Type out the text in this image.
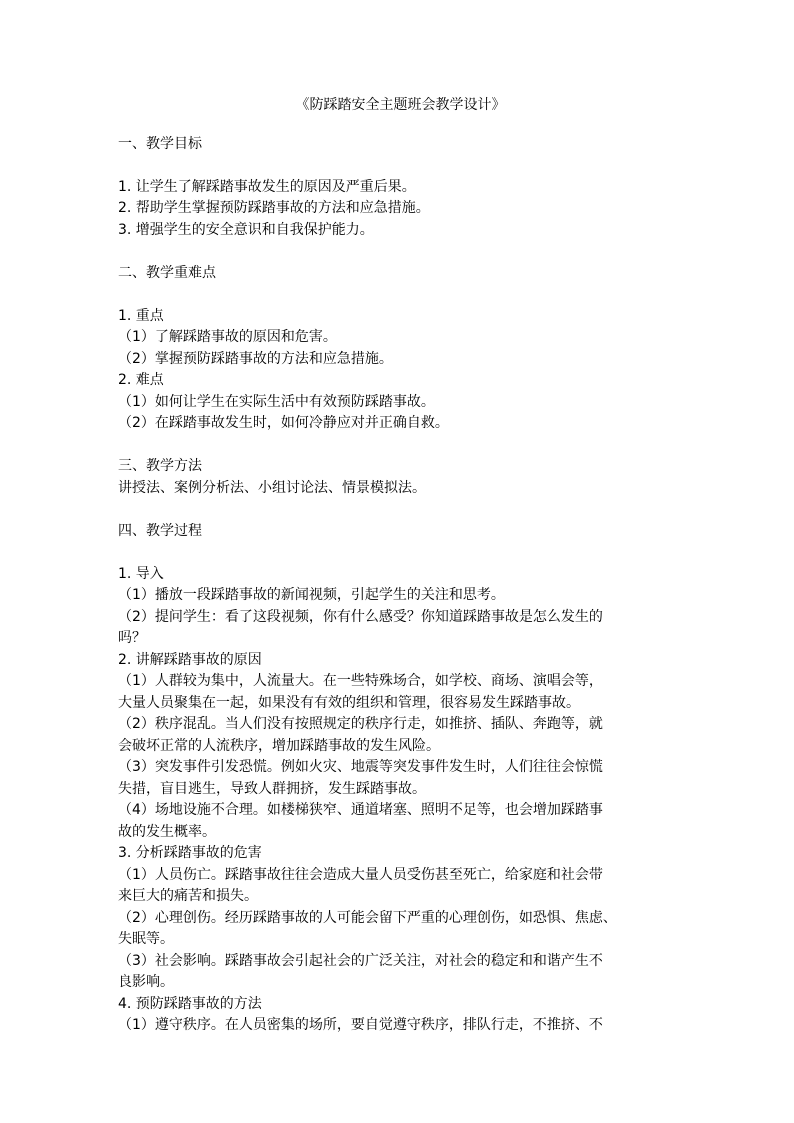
《防踩踏安全主题班会教学设计》

一、教学目标

1. 让学生了解踩踏事故发生的原因及严重后果。

2. 帮助学生掌握预防踩踏事故的方法和应急措施。

3. 增强学生的安全意识和自我保护能力。

二、教学重难点

1. 重点

（1）了解踩踏事故的原因和危害。

（2）掌握预防踩踏事故的方法和应急措施。

2. 难点

（1）如何让学生在实际生活中有效预防踩踏事故。

（2）在踩踏事故发生时，如何冷静应对并正确自救。

三、教学方法

讲授法、案例分析法、小组讨论法、情景模拟法。

四、教学过程

1. 导入

（1）播放一段踩踏事故的新闻视频，引起学生的关注和思考。

（2）提问学生：看了这段视频，你有什么感受？你知道踩踏事故是怎么发生的

吗？

2. 讲解踩踏事故的原因

（1）人群较为集中，人流量大。在一些特殊场合，如学校、商场、演唱会等，

大量人员聚集在一起，如果没有有效的组织和管理，很容易发生踩踏事故。

（2）秩序混乱。当人们没有按照规定的秩序行走，如推挤、插队、奔跑等，就

会破坏正常的人流秩序，增加踩踏事故的发生风险。

（3）突发事件引发恐慌。例如火灾、地震等突发事件发生时，人们往往会惊慌

失措，盲目逃生，导致人群拥挤，发生踩踏事故。

（4）场地设施不合理。如楼梯狭窄、通道堵塞、照明不足等，也会增加踩踏事

故的发生概率。

3. 分析踩踏事故的危害

（1）人员伤亡。踩踏事故往往会造成大量人员受伤甚至死亡，给家庭和社会带

来巨大的痛苦和损失。

（2）心理创伤。经历踩踏事故的人可能会留下严重的心理创伤，如恐惧、焦虑、

失眠等。

（3）社会影响。踩踏事故会引起社会的广泛关注，对社会的稳定和和谐产生不

良影响。

4. 预防踩踏事故的方法

（1）遵守秩序。在人员密集的场所，要自觉遵守秩序，排队行走，不推挤、不
